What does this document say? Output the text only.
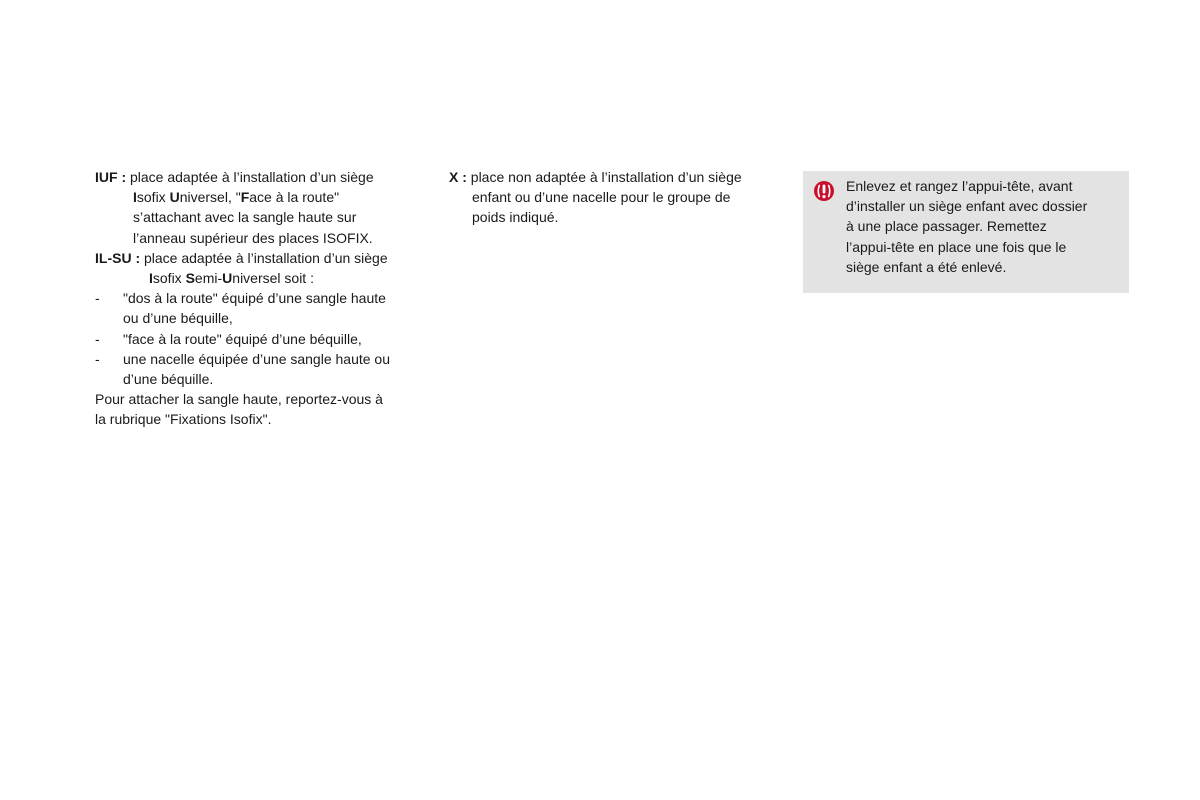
IUF : place adaptée à l’installation d’un siège
Isofix Universel, "Face à la route"
s’attachant avec la sangle haute sur
l’anneau supérieur des places ISOFIX.
IL-SU : place adaptée à l’installation d’un siège
Isofix Semi-Universel soit :
- "dos à la route" équipé d’une sangle haute
ou d’une béquille,
- "face à la route" équipé d’une béquille,
- une nacelle équipée d’une sangle haute ou
d’une béquille.
Pour attacher la sangle haute, reportez-vous à
la rubrique "Fixations Isofix".
X : place non adaptée à l’installation d’un siège
enfant ou d’une nacelle pour le groupe de
poids indiqué.
Enlevez et rangez l’appui-tête, avant
d’installer un siège enfant avec dossier
à une place passager. Remettez
l’appui-tête en place une fois que le
siège enfant a été enlevé.
